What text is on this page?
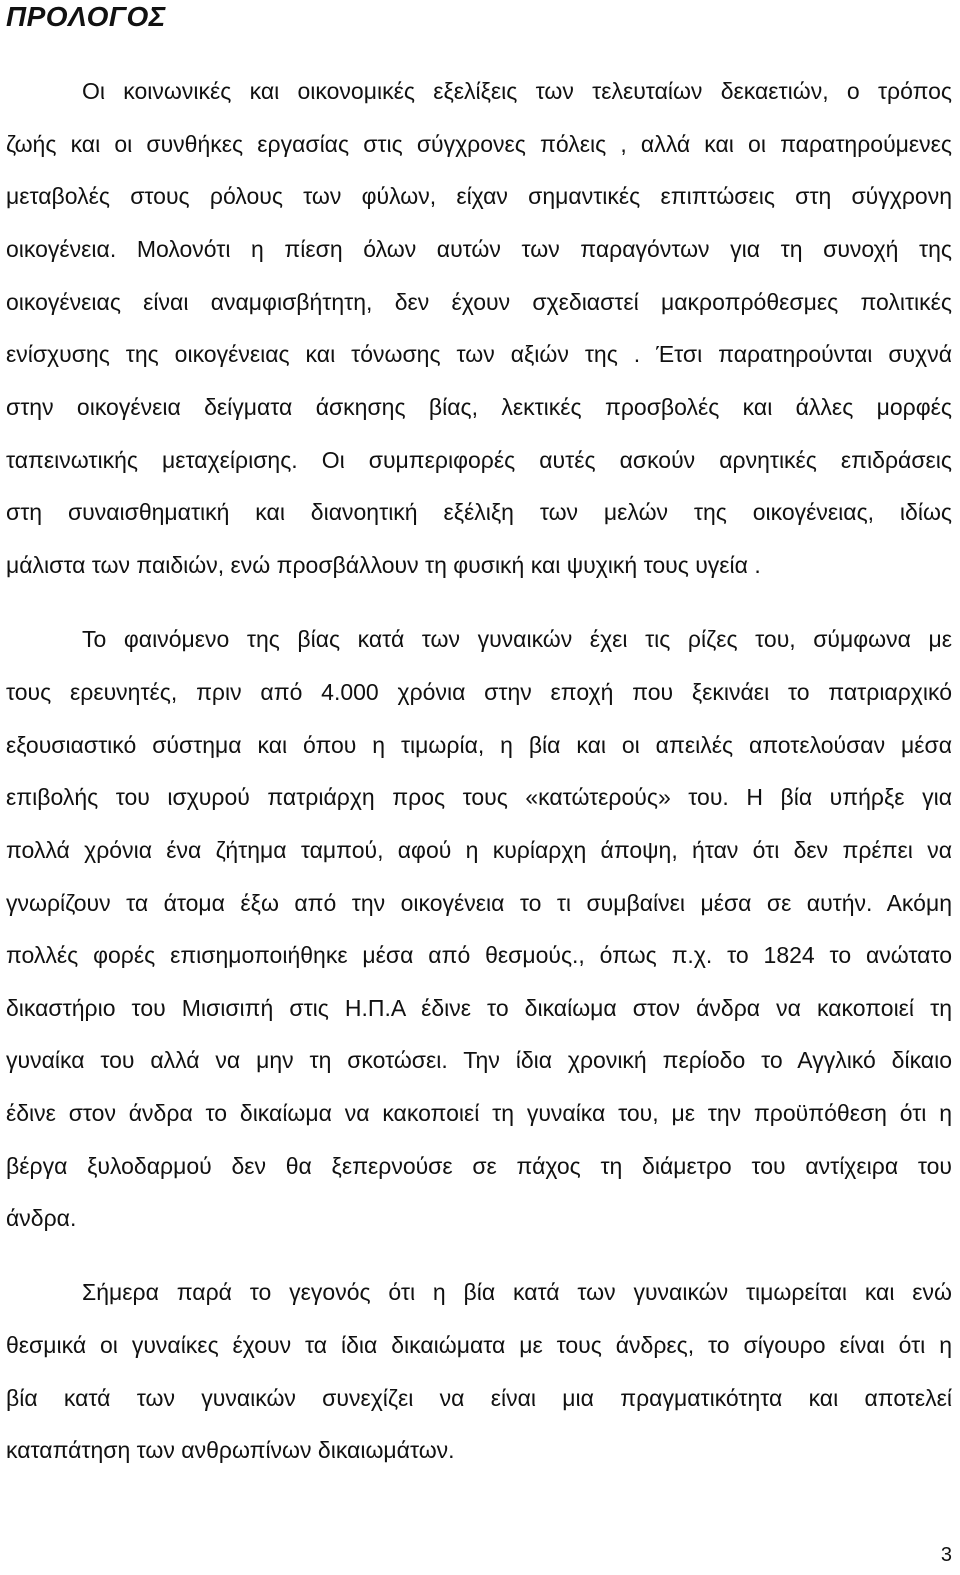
ΠΡΟΛΟΓΟΣ

Οι κοινωνικές και οικονομικές εξελίξεις των τελευταίων δεκαετιών, ο τρόπος

ζωής και οι συνθήκες εργασίας στις σύγχρονες πόλεις , αλλά και οι παρατηρούμενες

μεταβολές στους ρόλους των φύλων, είχαν σημαντικές επιπτώσεις στη σύγχρονη

οικογένεια. Μολονότι η πίεση όλων αυτών των παραγόντων για τη συνοχή της

οικογένειας είναι αναμφισβήτητη, δεν έχουν σχεδιαστεί μακροπρόθεσμες πολιτικές

ενίσχυσης της οικογένειας και τόνωσης των αξιών της . Έτσι παρατηρούνται συχνά

στην οικογένεια δείγματα άσκησης βίας, λεκτικές προσβολές και άλλες μορφές

ταπεινωτικής μεταχείρισης. Οι συμπεριφορές αυτές ασκούν αρνητικές επιδράσεις

στη συναισθηματική και διανοητική εξέλιξη των μελών της οικογένειας, ιδίως

μάλιστα των παιδιών, ενώ προσβάλλουν τη φυσική και ψυχική τους υγεία .

Το φαινόμενο της βίας κατά των γυναικών έχει τις ρίζες του, σύμφωνα με

τους ερευνητές, πριν από 4.000 χρόνια στην εποχή που ξεκινάει το πατριαρχικό

εξουσιαστικό σύστημα και όπου η τιμωρία, η βία και οι απειλές αποτελούσαν μέσα

επιβολής του ισχυρού πατριάρχη προς τους «κατώτερούς» του. Η βία υπήρξε για

πολλά χρόνια ένα ζήτημα ταμπού, αφού η κυρίαρχη άποψη, ήταν ότι δεν πρέπει να

γνωρίζουν τα άτομα έξω από την οικογένεια το τι συμβαίνει μέσα σε αυτήν. Ακόμη

πολλές φορές επισημοποιήθηκε μέσα από θεσμούς., όπως π.χ. το 1824 το ανώτατο

δικαστήριο του Μισισιπή στις Η.Π.Α έδινε το δικαίωμα στον άνδρα να κακοποιεί τη

γυναίκα του αλλά να μην τη σκοτώσει. Την ίδια χρονική περίοδο το Αγγλικό δίκαιο

έδινε στον άνδρα το δικαίωμα να κακοποιεί τη γυναίκα του, με την προϋπόθεση ότι η

βέργα ξυλοδαρμού δεν θα ξεπερνούσε σε πάχος τη διάμετρο του αντίχειρα του

άνδρα.

Σήμερα παρά το γεγονός ότι η βία κατά των γυναικών τιμωρείται και ενώ

θεσμικά οι γυναίκες έχουν τα ίδια δικαιώματα με τους άνδρες, το σίγουρο είναι ότι η

βία κατά των γυναικών συνεχίζει να είναι μια πραγματικότητα και αποτελεί

καταπάτηση των ανθρωπίνων δικαιωμάτων.

3
